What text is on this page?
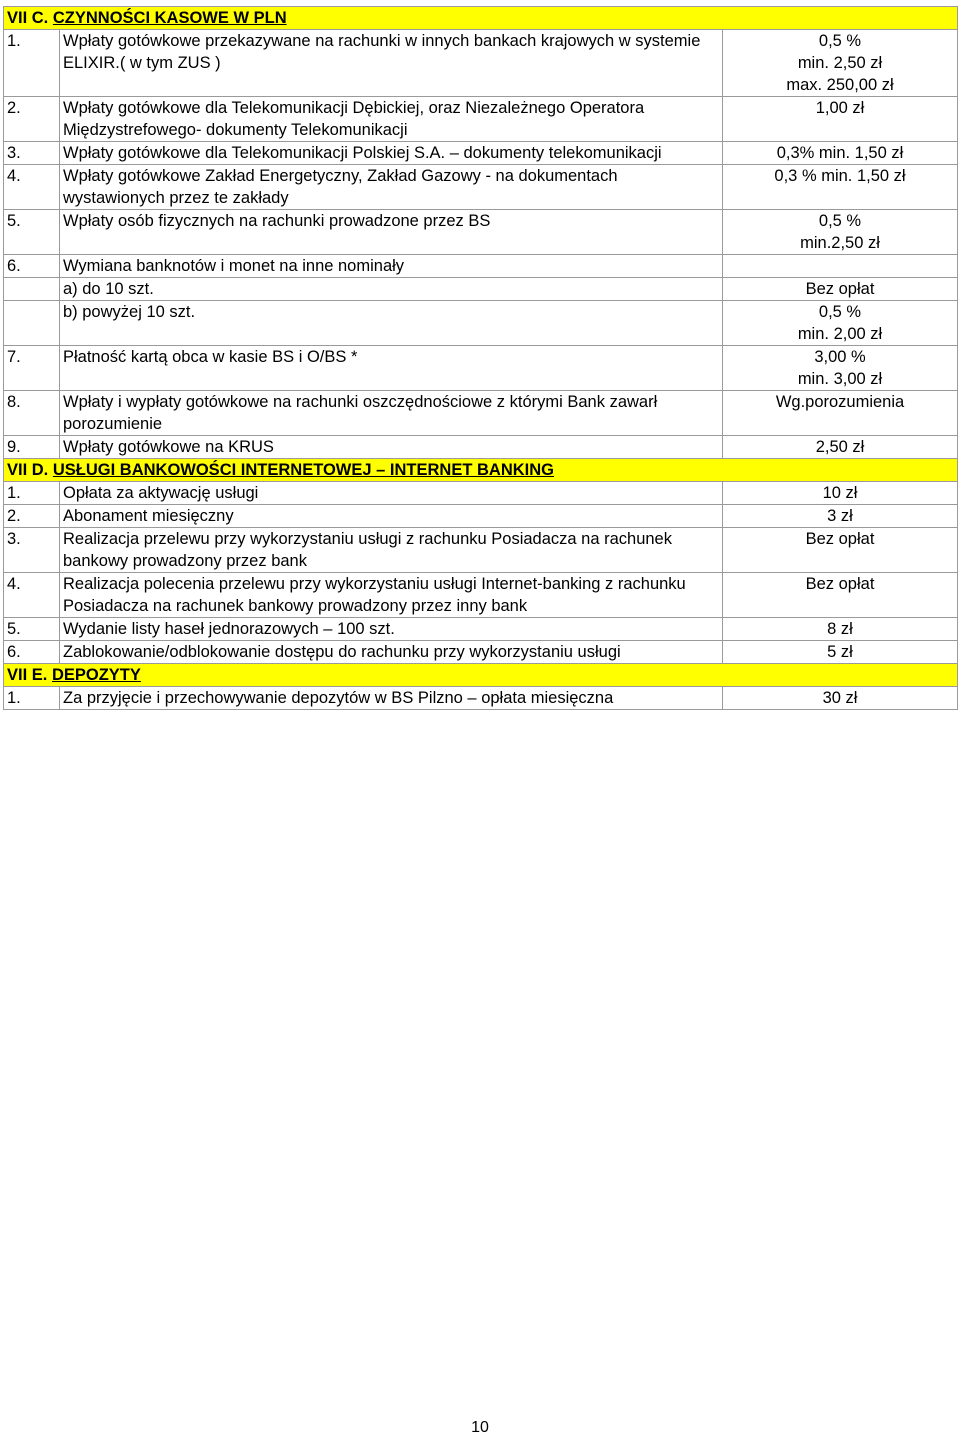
VII C. CZYNNOŚCI KASOWE W PLN		
1.	Wpłaty gotówkowe przekazywane na rachunki w innych bankach krajowych w systemie ELIXIR.( w tym ZUS )	0,5 %
min. 2,50 zł
max. 250,00 zł
2.	Wpłaty gotówkowe dla Telekomunikacji Dębickiej, oraz Niezależnego Operatora Międzystrefowego- dokumenty Telekomunikacji	1,00 zł
3.	Wpłaty gotówkowe dla Telekomunikacji Polskiej S.A. – dokumenty telekomunikacji	0,3% min. 1,50 zł
4.	Wpłaty gotówkowe Zakład Energetyczny, Zakład Gazowy - na dokumentach wystawionych przez te zakłady	0,3 % min. 1,50 zł
5.	Wpłaty osób fizycznych na rachunki prowadzone przez BS	0,5 %
min.2,50 zł
6.	Wymiana banknotów i monet na inne nominały	
	a) do 10 szt.	Bez opłat
	b) powyżej 10 szt.	0,5 %
min. 2,00 zł
7.	Płatność kartą obca w kasie BS i O/BS *	3,00 %
min. 3,00 zł
8.	Wpłaty i wypłaty gotówkowe na rachunki oszczędnościowe z którymi Bank zawarł porozumienie	Wg.porozumienia
9.	Wpłaty gotówkowe na KRUS	2,50 zł
VII D. USŁUGI BANKOWOŚCI INTERNETOWEJ – INTERNET BANKING		
1.	Opłata za aktywację usługi	10 zł
2.	Abonament miesięczny	3 zł
3.	Realizacja przelewu przy wykorzystaniu usługi z rachunku Posiadacza na rachunek bankowy prowadzony przez bank	Bez opłat
4.	Realizacja polecenia przelewu przy wykorzystaniu usługi Internet-banking z rachunku Posiadacza na rachunek bankowy prowadzony przez inny bank	Bez opłat
5.	Wydanie listy haseł jednorazowych – 100 szt.	8 zł
6.	Zablokowanie/odblokowanie dostępu do rachunku przy wykorzystaniu usługi	5 zł
VII E. DEPOZYTY		
1.	Za przyjęcie i przechowywanie depozytów w BS Pilzno – opłata miesięczna	30 zł
10
